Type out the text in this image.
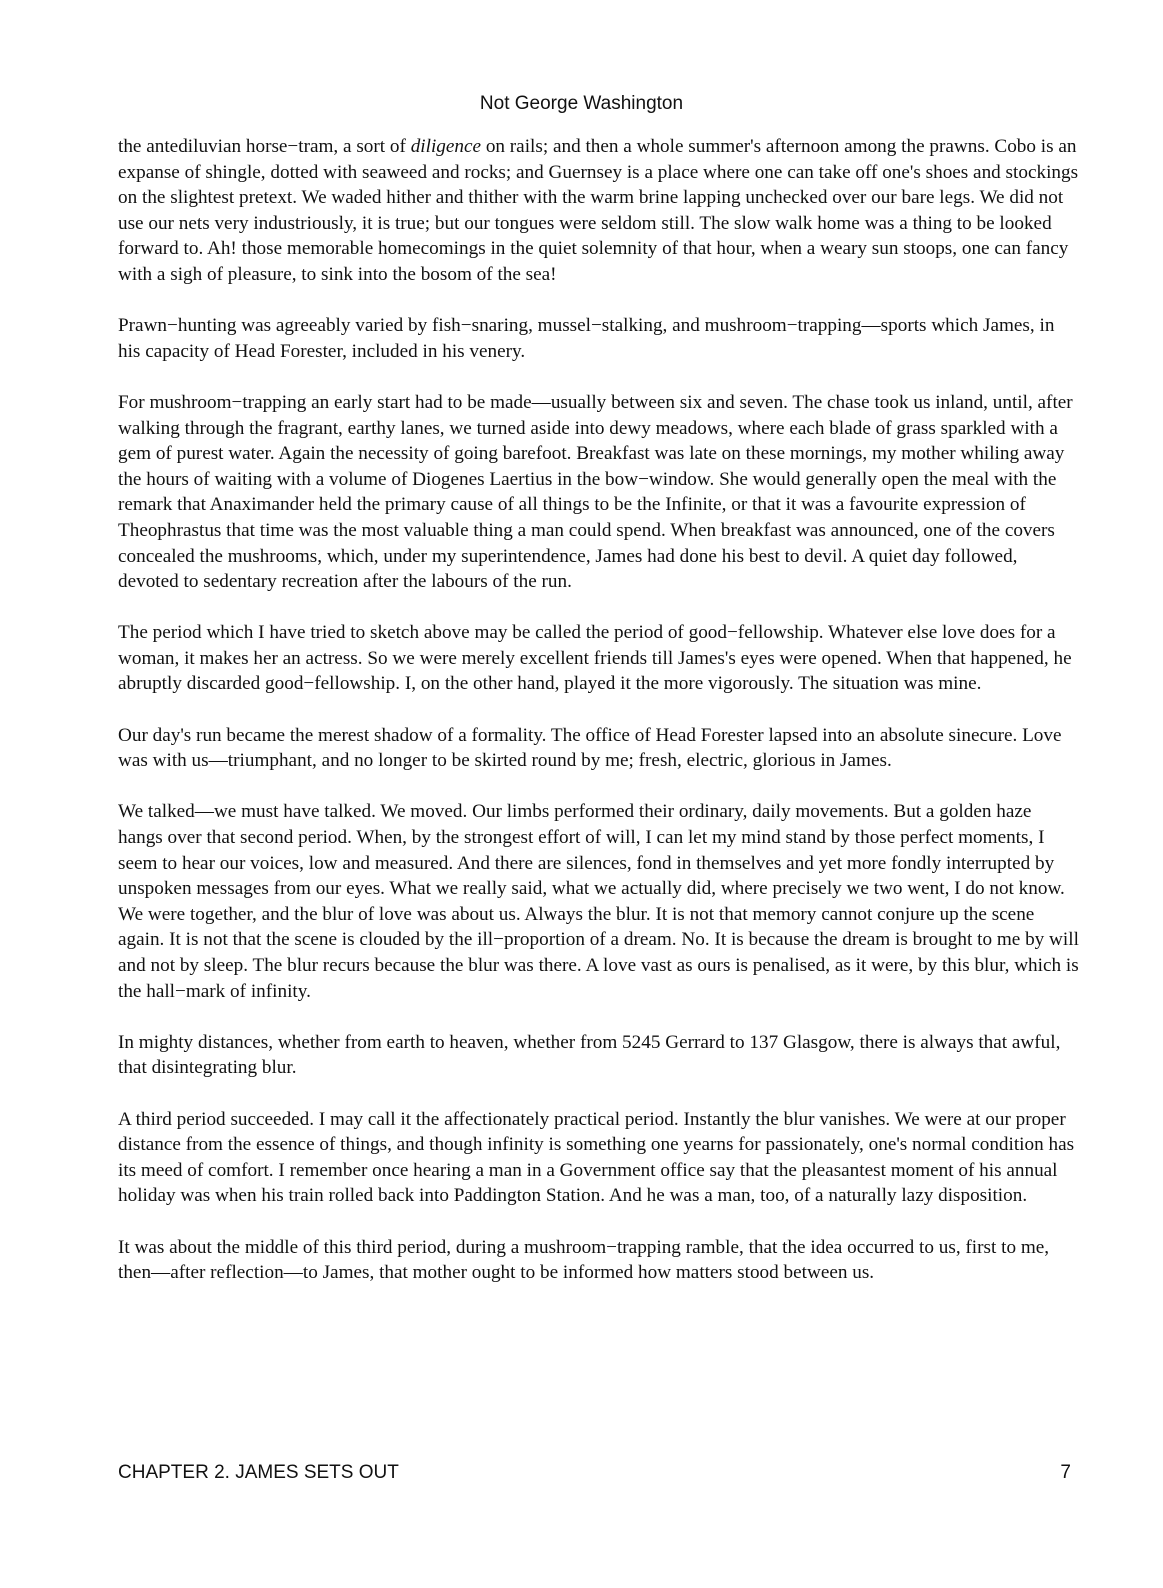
Not George Washington

the antediluvian horse−tram, a sort of diligence on rails; and then a whole summer's afternoon among the prawns. Cobo is an expanse of shingle, dotted with seaweed and rocks; and Guernsey is a place where one can take off one's shoes and stockings on the slightest pretext. We waded hither and thither with the warm brine lapping unchecked over our bare legs. We did not use our nets very industriously, it is true; but our tongues were seldom still. The slow walk home was a thing to be looked forward to. Ah! those memorable homecomings in the quiet solemnity of that hour, when a weary sun stoops, one can fancy with a sigh of pleasure, to sink into the bosom of the sea!

Prawn−hunting was agreeably varied by fish−snaring, mussel−stalking, and mushroom−trapping—sports which James, in his capacity of Head Forester, included in his venery.

For mushroom−trapping an early start had to be made—usually between six and seven. The chase took us inland, until, after walking through the fragrant, earthy lanes, we turned aside into dewy meadows, where each blade of grass sparkled with a gem of purest water. Again the necessity of going barefoot. Breakfast was late on these mornings, my mother whiling away the hours of waiting with a volume of Diogenes Laertius in the bow−window. She would generally open the meal with the remark that Anaximander held the primary cause of all things to be the Infinite, or that it was a favourite expression of Theophrastus that time was the most valuable thing a man could spend. When breakfast was announced, one of the covers concealed the mushrooms, which, under my superintendence, James had done his best to devil. A quiet day followed, devoted to sedentary recreation after the labours of the run.

The period which I have tried to sketch above may be called the period of good−fellowship. Whatever else love does for a woman, it makes her an actress. So we were merely excellent friends till James's eyes were opened. When that happened, he abruptly discarded good−fellowship. I, on the other hand, played it the more vigorously. The situation was mine.

Our day's run became the merest shadow of a formality. The office of Head Forester lapsed into an absolute sinecure. Love was with us—triumphant, and no longer to be skirted round by me; fresh, electric, glorious in James.

We talked—we must have talked. We moved. Our limbs performed their ordinary, daily movements. But a golden haze hangs over that second period. When, by the strongest effort of will, I can let my mind stand by those perfect moments, I seem to hear our voices, low and measured. And there are silences, fond in themselves and yet more fondly interrupted by unspoken messages from our eyes. What we really said, what we actually did, where precisely we two went, I do not know. We were together, and the blur of love was about us. Always the blur. It is not that memory cannot conjure up the scene again. It is not that the scene is clouded by the ill−proportion of a dream. No. It is because the dream is brought to me by will and not by sleep. The blur recurs because the blur was there. A love vast as ours is penalised, as it were, by this blur, which is the hall−mark of infinity.

In mighty distances, whether from earth to heaven, whether from 5245 Gerrard to 137 Glasgow, there is always that awful, that disintegrating blur.

A third period succeeded. I may call it the affectionately practical period. Instantly the blur vanishes. We were at our proper distance from the essence of things, and though infinity is something one yearns for passionately, one's normal condition has its meed of comfort. I remember once hearing a man in a Government office say that the pleasantest moment of his annual holiday was when his train rolled back into Paddington Station. And he was a man, too, of a naturally lazy disposition.

It was about the middle of this third period, during a mushroom−trapping ramble, that the idea occurred to us, first to me, then—after reflection—to James, that mother ought to be informed how matters stood between us.

CHAPTER 2. JAMES SETS OUT	7
